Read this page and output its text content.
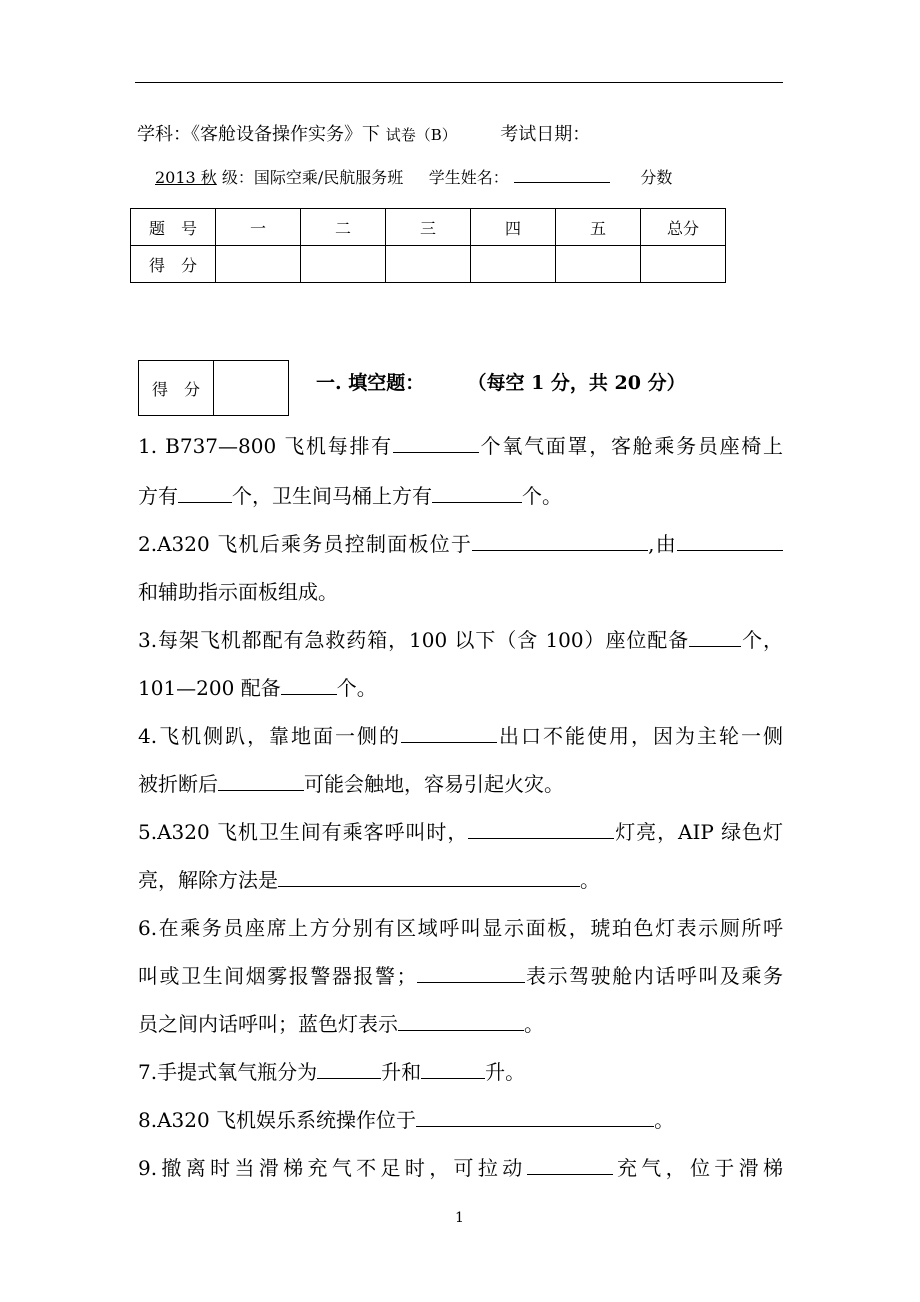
学科：《客舱设备操作实务》下 试卷（B） 考试日期：
2013 秋 级：国际空乘/民航服务班 学生姓名：	分数
题　号	一	二	三	四	五	总分
得　分						
得　分		一. 填空题： （每空 1 分，共 20 分）
1. B737—800 飞机每排有	个氧气面罩，客舱乘务员座椅上
方有	个，卫生间马桶上方有	个。
2.A320 飞机后乘务员控制面板位于	,由
和辅助指示面板组成。
3.每架飞机都配有急救药箱，100 以下（含 100）座位配备	个，
101—200 配备	个。
4.飞机侧趴，靠地面一侧的	出口不能使用，因为主轮一侧
被折断后	可能会触地，容易引起火灾。
5.A320 飞机卫生间有乘客呼叫时，	灯亮，AIP 绿色灯
亮，解除方法是	。
6.在乘务员座席上方分别有区域呼叫显示面板，琥珀色灯表示厕所呼
叫或卫生间烟雾报警器报警；	表示驾驶舱内话呼叫及乘务
员之间内话呼叫；蓝色灯表示	。
7.手提式氧气瓶分为	升和	升。
8.A320 飞机娱乐系统操作位于	。
9.撤离时当滑梯充气不足时，可拉动	充气，位于滑梯
1
